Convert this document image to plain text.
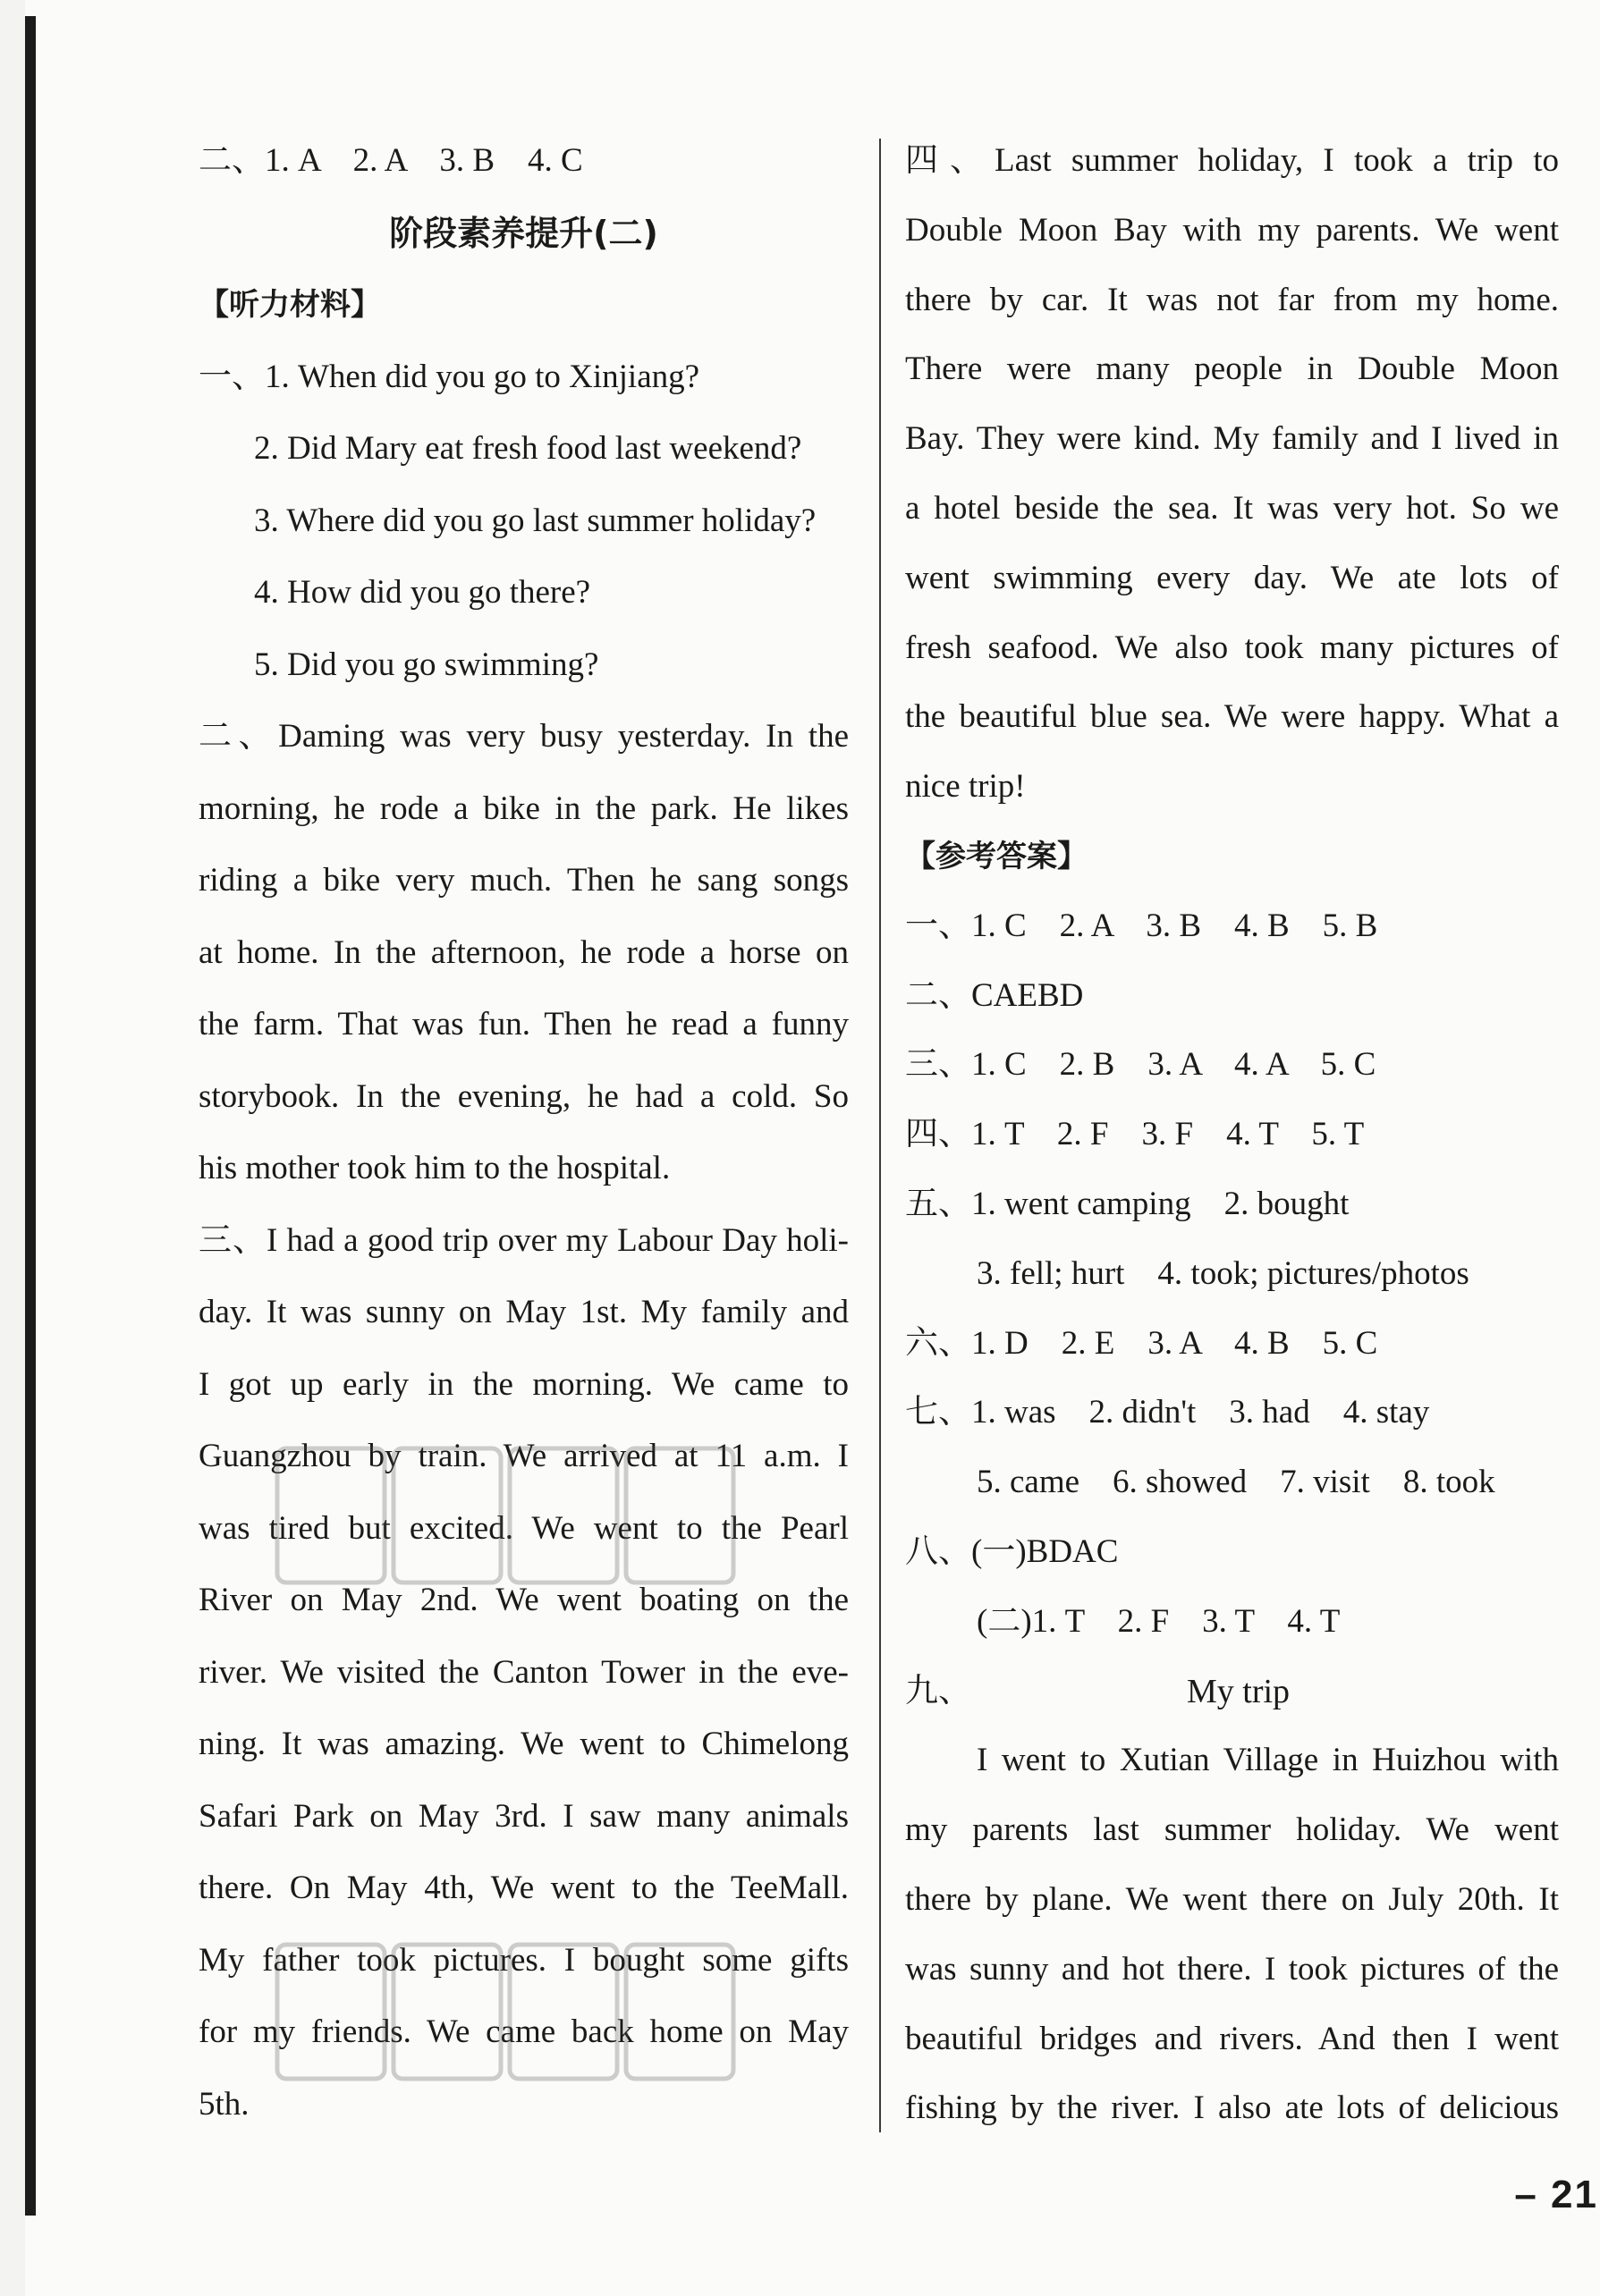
二、1. A　2. A　3. B　4. C
阶段素养提升(二)
【听力材料】
一、1. When did you go to Xinjiang?
2. Did Mary eat fresh food last weekend?
3. Where did you go last summer holiday?
4. How did you go there?
5. Did you go swimming?
二、Daming was very busy yesterday. In the
morning, he rode a bike in the park. He likes
riding a bike very much. Then he sang songs
at home. In the afternoon, he rode a horse on
the farm. That was fun. Then he read a funny
storybook. In the evening, he had a cold. So
his mother took him to the hospital.
三、I had a good trip over my Labour Day holi-
day. It was sunny on May 1st. My family and
I got up early in the morning. We came to
Guangzhou by train. We arrived at 11 a.m. I
was tired but excited. We went to the Pearl
River on May 2nd. We went boating on the
river. We visited the Canton Tower in the eve-
ning. It was amazing. We went to Chimelong
Safari Park on May 3rd. I saw many animals
there. On May 4th, We went to the TeeMall.
My father took pictures. I bought some gifts
for my friends. We came back home on May
5th.
四、Last summer holiday, I took a trip to
Double Moon Bay with my parents. We went
there by car. It was not far from my home.
There were many people in Double Moon
Bay. They were kind. My family and I lived in
a hotel beside the sea. It was very hot. So we
went swimming every day. We ate lots of
fresh seafood. We also took many pictures of
the beautiful blue sea. We were happy. What a
nice trip!
【参考答案】
一、1. C　2. A　3. B　4. B　5. B
二、CAEBD
三、1. C　2. B　3. A　4. A　5. C
四、1. T　2. F　3. F　4. T　5. T
五、1. went camping　2. bought
3. fell; hurt　4. took; pictures/photos
六、1. D　2. E　3. A　4. B　5. C
七、1. was　2. didn't　3. had　4. stay
5. came　6. showed　7. visit　8. took
八、(一)BDAC
(二)1. T　2. F　3. T　4. T
九、	My trip
I went to Xutian Village in Huizhou with
my parents last summer holiday. We went
there by plane. We went there on July 20th. It
was sunny and hot there. I took pictures of the
beautiful bridges and rivers. And then I went
fishing by the river. I also ate lots of delicious
– 21
